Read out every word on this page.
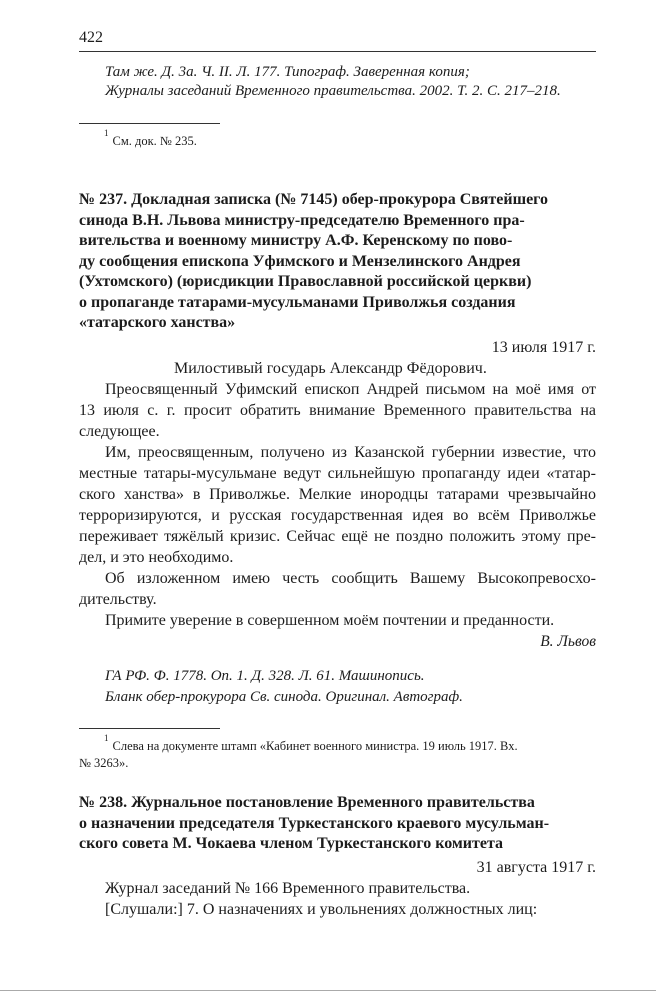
422
Там же. Д. 3а. Ч. II. Л. 177. Типограф. Заверенная копия;
Журналы заседаний Временного правительства. 2002. Т. 2. С. 217–218.
$^1$См. док. № 235.
№ 237. Докладная записка (№ 7145) обер-прокурора Святейшего
синода В.Н. Львова министру-председателю Временного пра-
вительства и военному министру А.Ф. Керенскому по пово-
ду сообщения епископа Уфимского и Мензелинского Андрея
(Ухтомского) (юрисдикции Православной российской церкви)
о пропаганде татарами-мусульманами Приволжья создания
«татарского ханства»
13 июля 1917 г.
Милостивый государь Александр Фёдорович.
Преосвященный Уфимский епископ Андрей письмом на моё имя от
13 июля с. г. просит обратить внимание Временного правительства на
следующее.
Им, преосвященным, получено из Казанской губернии известие, что
местные татары-мусульмане ведут сильнейшую пропаганду идеи «татар-
ского ханства» в Приволжье. Мелкие инородцы татарами чрезвычайно
терроризируются, и русская государственная идея во всём Приволжье
переживает тяжёлый кризис. Сейчас ещё не поздно положить этому пре-
дел, и это необходимо.
Об изложенном имею честь сообщить Вашему Высокопревосхо-
дительству.
Примите уверение в совершенном моём почтении и преданности.
В. Львов
ГА РФ. Ф. 1778. Оп. 1. Д. 328. Л. 61. Машинопись.
Бланк обер-прокурора Св. синода. Оригинал. Автограф.
$^1$Слева на документе штамп «Кабинет военного министра. 19 июль 1917. Вх.
№ 3263».
№ 238. Журнальное постановление Временного правительства
о назначении председателя Туркестанского краевого мусульман-
ского совета М. Чокаева членом Туркестанского комитета
31 августа 1917 г.
Журнал заседаний № 166 Временного правительства.
[Слушали:] 7. О назначениях и увольнениях должностных лиц:
